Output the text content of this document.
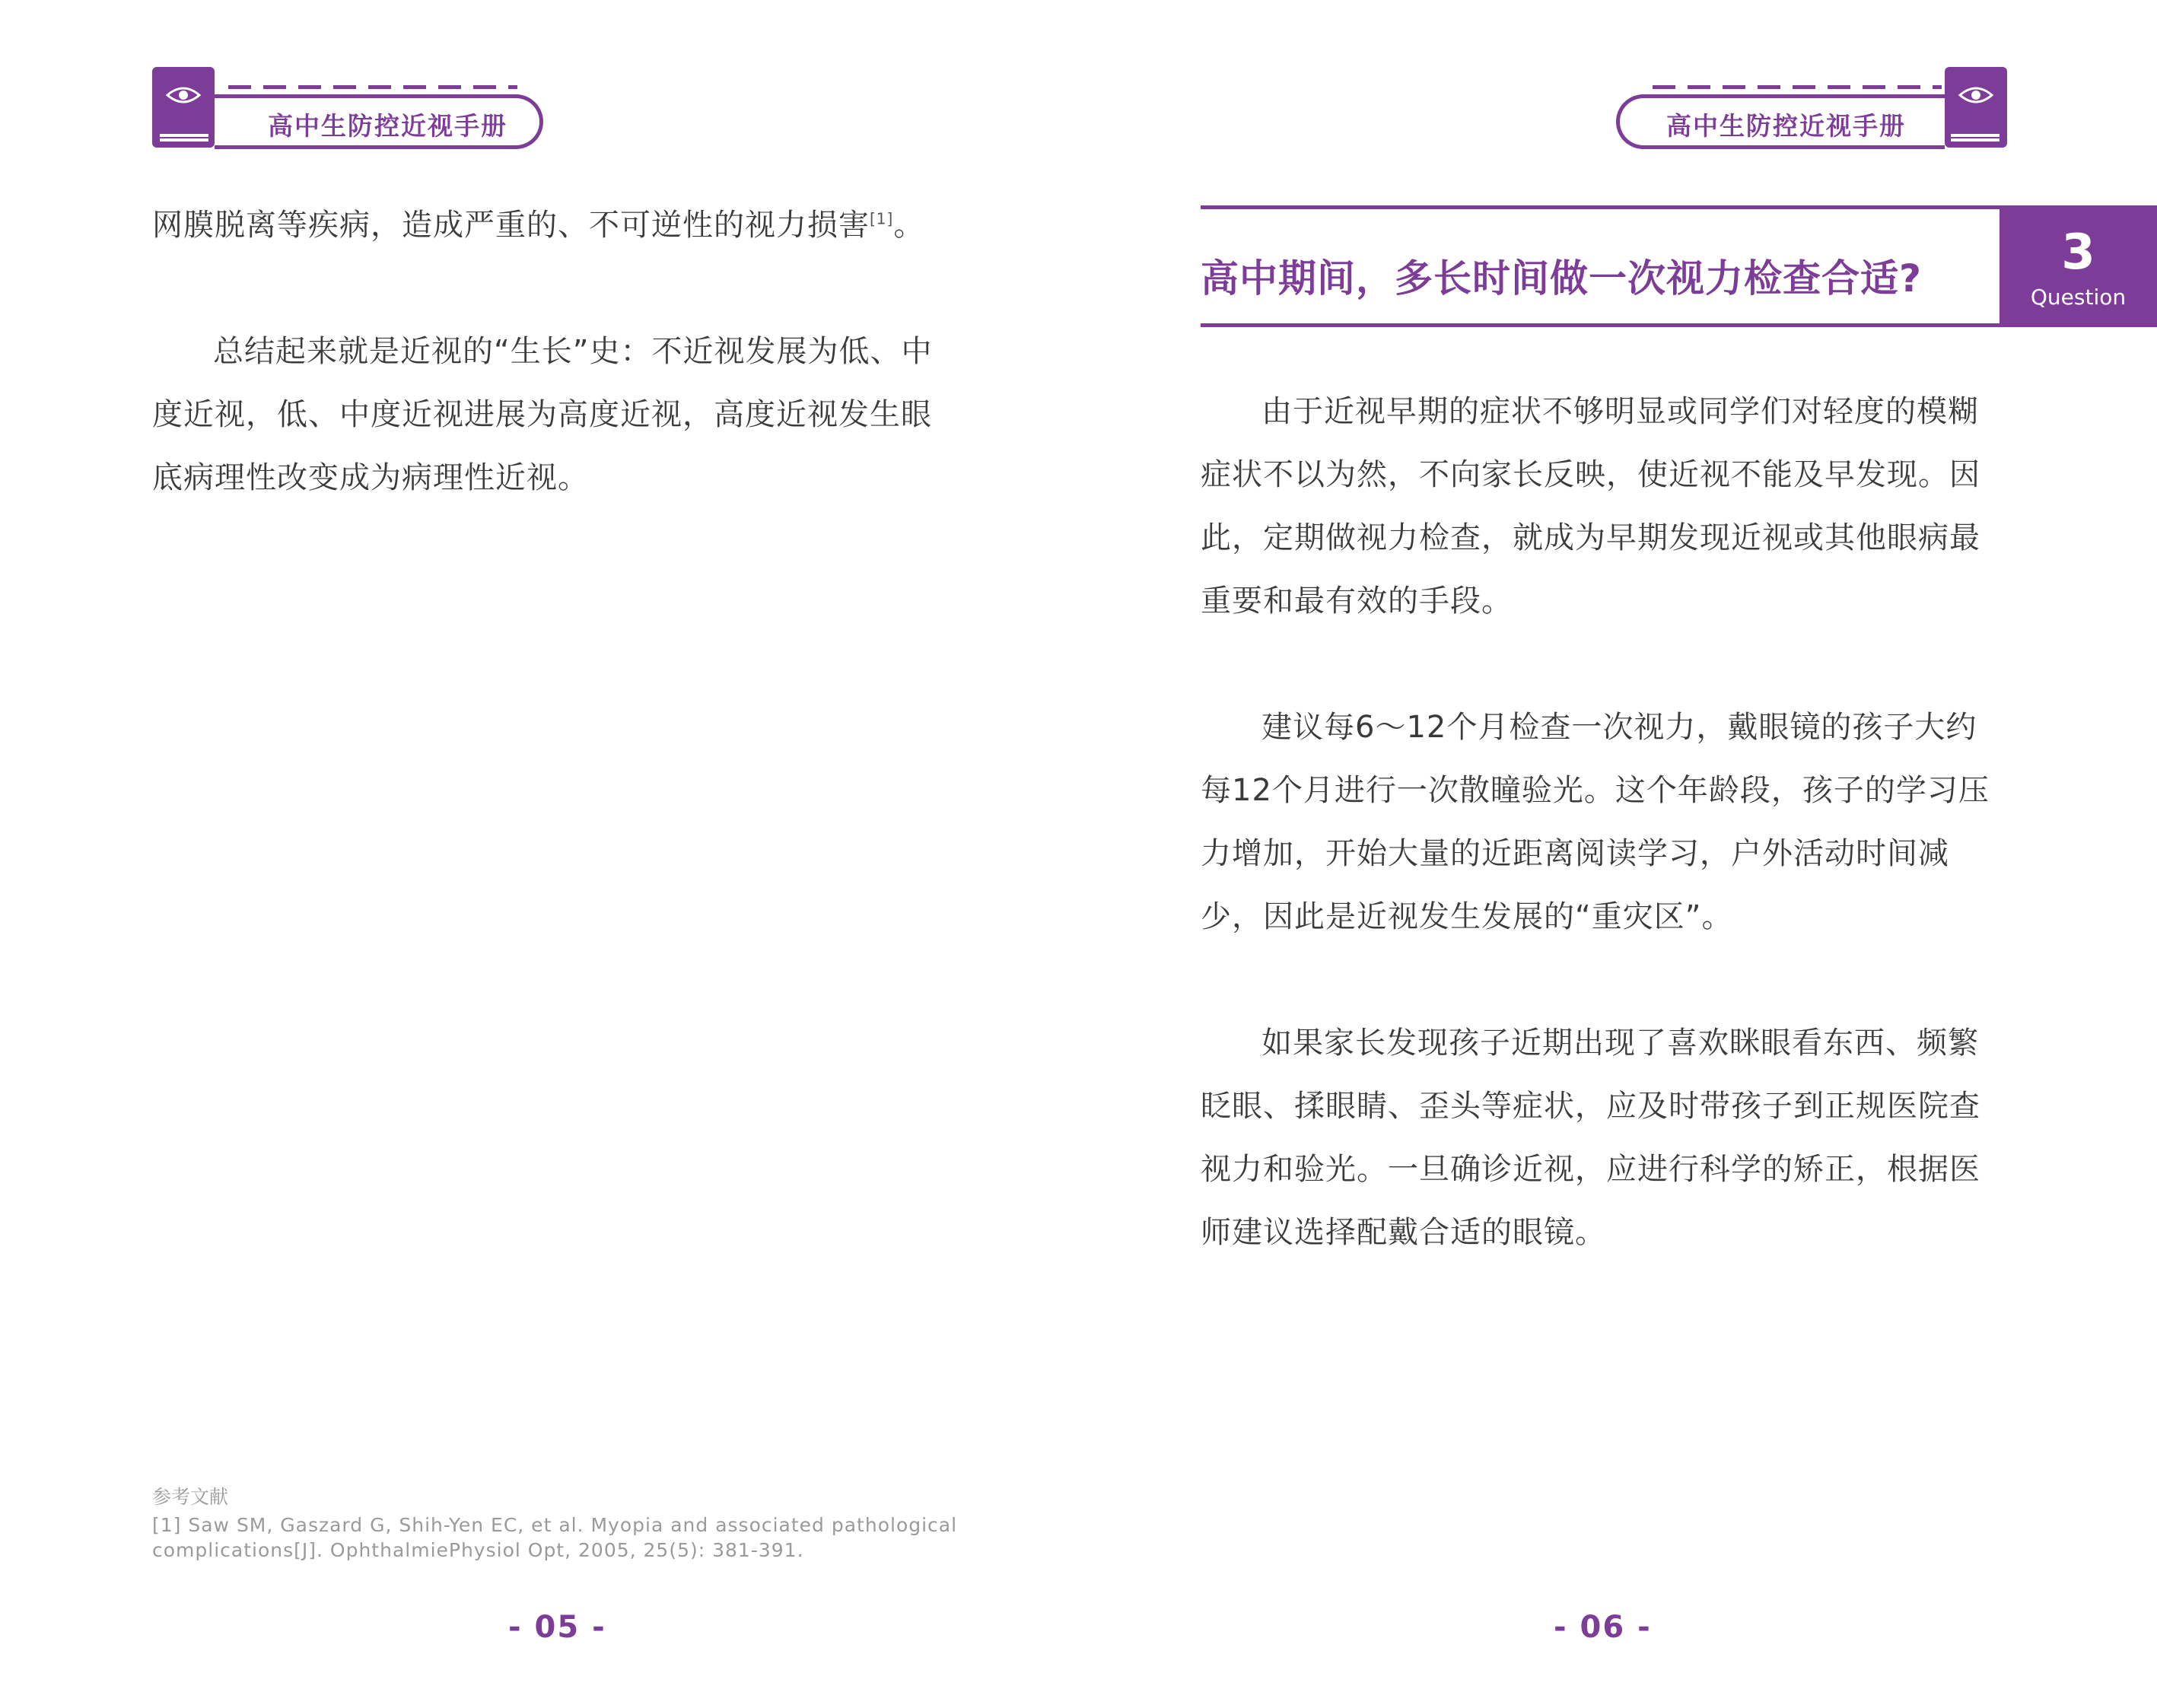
高中生防控近视手册

网膜脱离等疾病，造成严重的、不可逆性的视力损害[1]。

总结起来就是近视的“生长”史：不近视发展为低、中度近视，低、中度近视进展为高度近视，高度近视发生眼底病理性改变成为病理性近视。

参考文献
[1] Saw SM, Gaszard G, Shih-Yen EC, et al. Myopia and associated pathological complications[J]. OphthalmiePhysiol Opt, 2005, 25(5): 381-391.
- 05 -
高中生防控近视手册
高中期间，多长时间做一次视力检查合适?	3
Question

由于近视早期的症状不够明显或同学们对轻度的模糊症状不以为然，不向家长反映，使近视不能及早发现。因此，定期做视力检查，就成为早期发现近视或其他眼病最重要和最有效的手段。

建议每6～12个月检查一次视力，戴眼镜的孩子大约每12个月进行一次散瞳验光。这个年龄段，孩子的学习压力增加，开始大量的近距离阅读学习，户外活动时间减少，因此是近视发生发展的“重灾区”。

如果家长发现孩子近期出现了喜欢眯眼看东西、频繁眨眼、揉眼睛、歪头等症状，应及时带孩子到正规医院查视力和验光。一旦确诊近视，应进行科学的矫正，根据医师建议选择配戴合适的眼镜。

- 06 -
